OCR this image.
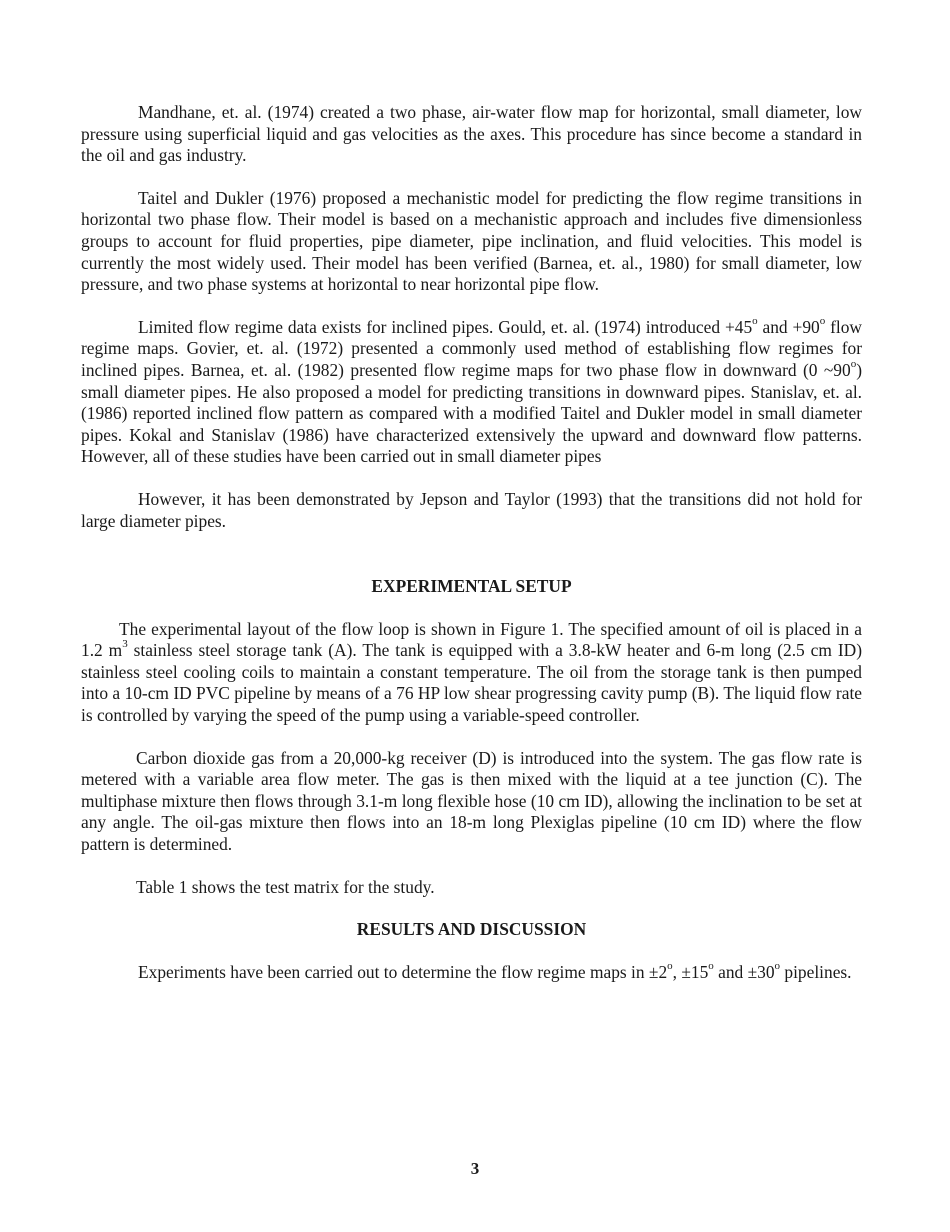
Mandhane, et. al. (1974) created a two phase, air-water flow map for horizontal, small diameter, low pressure using superficial liquid and gas velocities as the axes. This procedure has since become a standard in the oil and gas industry.

Taitel and Dukler (1976) proposed a mechanistic model for predicting the flow regime transitions in horizontal two phase flow. Their model is based on a mechanistic approach and includes five dimensionless groups to account for fluid properties, pipe diameter, pipe inclination, and fluid velocities. This model is currently the most widely used. Their model has been verified (Barnea, et. al., 1980) for small diameter, low pressure, and two phase systems at horizontal to near horizontal pipe flow.

Limited flow regime data exists for inclined pipes. Gould, et. al. (1974) introduced $+45^o$ and $+90^o$ flow regime maps. Govier, et. al. (1972) presented a commonly used method of establishing flow regimes for inclined pipes. Barnea, et. al. (1982) presented flow regime maps for two phase flow in downward (0 ~90$^o$) small diameter pipes. He also proposed a model for predicting transitions in downward pipes. Stanislav, et. al. (1986) reported inclined flow pattern as compared with a modified Taitel and Dukler model in small diameter pipes. Kokal and Stanislav (1986) have characterized extensively the upward and downward flow patterns. However, all of these studies have been carried out in small diameter pipes

However, it has been demonstrated by Jepson and Taylor (1993) that the transitions did not hold for large diameter pipes.

EXPERIMENTAL SETUP

The experimental layout of the flow loop is shown in Figure 1. The specified amount of oil is placed in a 1.2 $m^3$ stainless steel storage tank (A). The tank is equipped with a 3.8-kW heater and 6-m long (2.5 cm ID) stainless steel cooling coils to maintain a constant temperature. The oil from the storage tank is then pumped into a 10-cm ID PVC pipeline by means of a 76 HP low shear progressing cavity pump (B). The liquid flow rate is controlled by varying the speed of the pump using a variable-speed controller.

Carbon dioxide gas from a 20,000-kg receiver (D) is introduced into the system. The gas flow rate is metered with a variable area flow meter. The gas is then mixed with the liquid at a tee junction (C). The multiphase mixture then flows through 3.1-m long flexible hose (10 cm ID), allowing the inclination to be set at any angle. The oil-gas mixture then flows into an 18-m long Plexiglas pipeline (10 cm ID) where the flow pattern is determined.

Table 1 shows the test matrix for the study.

RESULTS AND DISCUSSION

Experiments have been carried out to determine the flow regime maps in $\pm 2^o$, $\pm 15^o$ and $\pm 30^o$ pipelines.

3
